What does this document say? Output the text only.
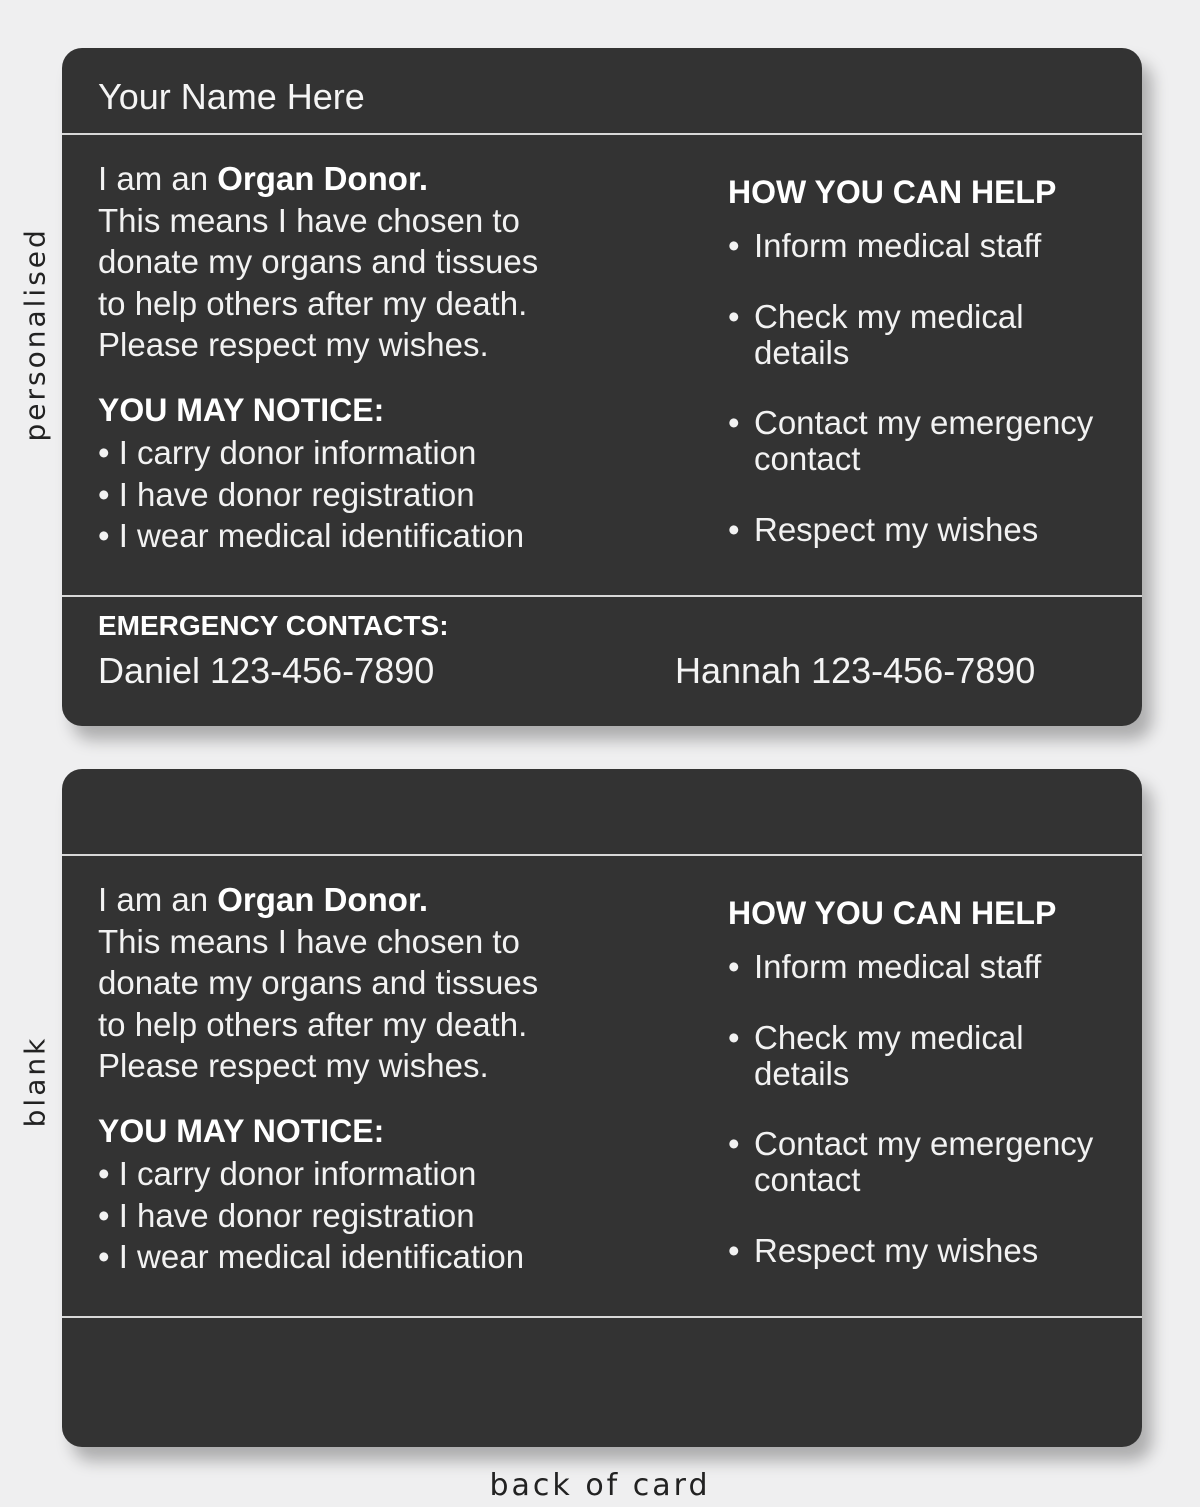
personalised
blank
Your Name Here
I am an Organ Donor.
This means I have chosen to
donate my organs and tissues
to help others after my death.
Please respect my wishes.
YOU MAY NOTICE:
• I carry donor information
• I have donor registration
• I wear medical identification
HOW YOU CAN HELP
• Inform medical staff
• Check my medical details
• Contact my emergency contact
• Respect my wishes
EMERGENCY CONTACTS:
Daniel 123-456-7890	Hannah 123-456-7890
I am an Organ Donor.
This means I have chosen to
donate my organs and tissues
to help others after my death.
Please respect my wishes.
YOU MAY NOTICE:
• I carry donor information
• I have donor registration
• I wear medical identification
HOW YOU CAN HELP
• Inform medical staff
• Check my medical details
• Contact my emergency contact
• Respect my wishes
back of card
